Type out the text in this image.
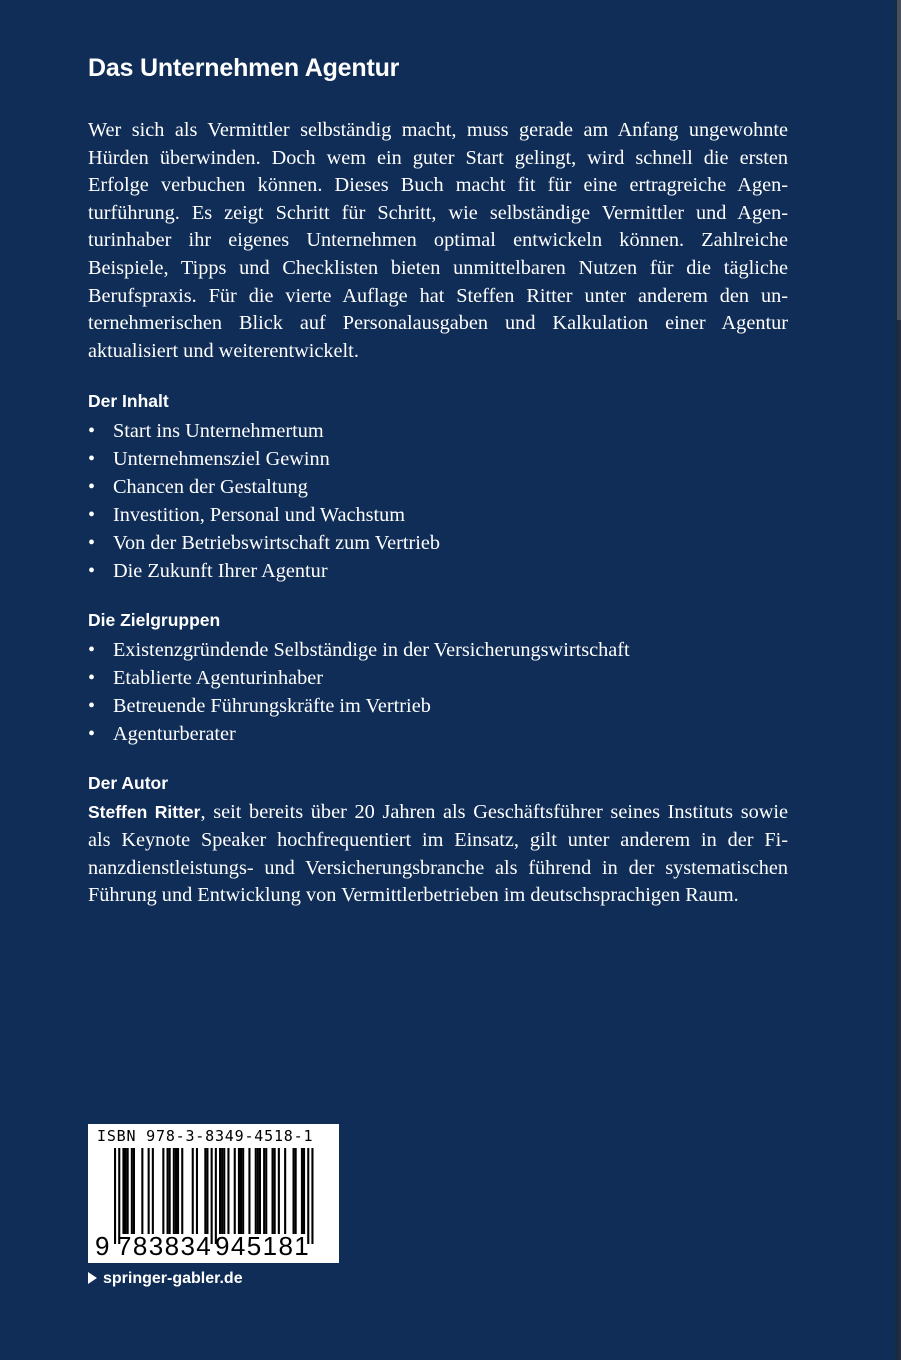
Das Unternehmen Agentur

Wer sich als Vermittler selbständig macht, muss gerade am Anfang ungewohnte
Hürden überwinden. Doch wem ein guter Start gelingt, wird schnell die ersten
Erfolge verbuchen können. Dieses Buch macht fit für eine ertragreiche Agen-
turführung. Es zeigt Schritt für Schritt, wie selbständige Vermittler und Agen-
turinhaber ihr eigenes Unternehmen optimal entwickeln können. Zahlreiche
Beispiele, Tipps und Checklisten bieten unmittelbaren Nutzen für die tägliche
Berufspraxis. Für die vierte Auflage hat Steffen Ritter unter anderem den un-
ternehmerischen Blick auf Personalausgaben und Kalkulation einer Agentur
aktualisiert und weiterentwickelt.

Der Inhalt
• Start ins Unternehmertum
• Unternehmensziel Gewinn
• Chancen der Gestaltung
• Investition, Personal und Wachstum
• Von der Betriebswirtschaft zum Vertrieb
• Die Zukunft Ihrer Agentur
Die Zielgruppen
• Existenzgründende Selbständige in der Versicherungswirtschaft
• Etablierte Agenturinhaber
• Betreuende Führungskräfte im Vertrieb
• Agenturberater
Der Autor

Steffen Ritter, seit bereits über 20 Jahren als Geschäftsführer seines Instituts sowie
als Keynote Speaker hochfrequentiert im Einsatz, gilt unter anderem in der Fi-
nanzdienstleistungs- und Versicherungsbranche als führend in der systematischen
Führung und Entwicklung von Vermittlerbetrieben im deutschsprachigen Raum.

ISBN 978-3-8349-4518-1
9 783834 945181
springer-gabler.de
